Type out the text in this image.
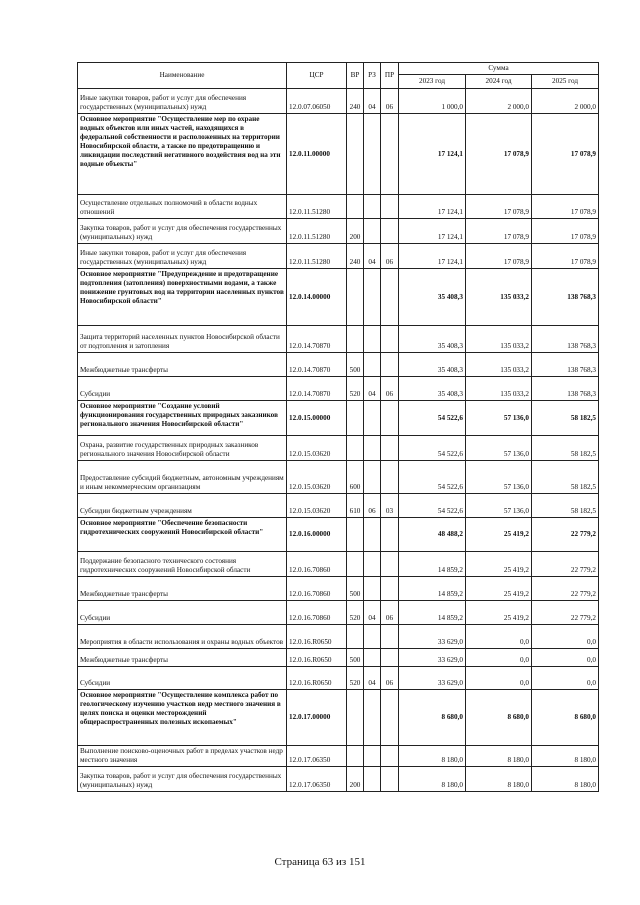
Наименование	ЦСР	ВР	РЗ	ПР	Сумма		
					2023 год	2024 год	2025 год
Иные закупки товаров, работ и услуг для обеспечения государственных (муниципальных) нужд	12.0.07.06050	240	04	06	1 000,0	2 000,0	2 000,0
Основное мероприятие "Осуществление мер по охране водных объектов или иных частей, находящихся в федеральной собственности и расположенных на территории Новосибирской области, а также по предотвращению и ликвидации последствий негативного воздействия вод на эти водные объекты"	12.0.11.00000				17 124,1	17 078,9	17 078,9
Осуществление отдельных полномочий в области водных отношений	12.0.11.51280				17 124,1	17 078,9	17 078,9
Закупка товаров, работ и услуг для обеспечения государственных (муниципальных) нужд	12.0.11.51280	200			17 124,1	17 078,9	17 078,9
Иные закупки товаров, работ и услуг для обеспечения государственных (муниципальных) нужд	12.0.11.51280	240	04	06	17 124,1	17 078,9	17 078,9
Основное мероприятие "Предупреждение и предотвращение подтопления (затопления) поверхностными водами, а также понижение грунтовых вод на территории населенных пунктов Новосибирской области"	12.0.14.00000				35 408,3	135 033,2	138 768,3
Защита территорий населенных пунктов Новосибирской области от подтопления и затопления	12.0.14.70870				35 408,3	135 033,2	138 768,3
Межбюджетные трансферты	12.0.14.70870	500			35 408,3	135 033,2	138 768,3
Субсидии	12.0.14.70870	520	04	06	35 408,3	135 033,2	138 768,3
Основное мероприятие "Создание условий функционирования государственных природных заказников регионального значения Новосибирской области"	12.0.15.00000				54 522,6	57 136,0	58 182,5
Охрана, развитие государственных природных заказников регионального значения Новосибирской области	12.0.15.03620				54 522,6	57 136,0	58 182,5
Предоставление субсидий бюджетным, автономным учреждениям и иным некоммерческим организациям	12.0.15.03620	600			54 522,6	57 136,0	58 182,5
Субсидии бюджетным учреждениям	12.0.15.03620	610	06	03	54 522,6	57 136,0	58 182,5
Основное мероприятие "Обеспечение безопасности гидротехнических сооружений Новосибирской области"	12.0.16.00000				48 488,2	25 419,2	22 779,2
Поддержание безопасного технического состояния гидротехнических сооружений Новосибирской области	12.0.16.70860				14 859,2	25 419,2	22 779,2
Межбюджетные трансферты	12.0.16.70860	500			14 859,2	25 419,2	22 779,2
Субсидии	12.0.16.70860	520	04	06	14 859,2	25 419,2	22 779,2
Мероприятия в области использования и охраны водных объектов	12.0.16.R0650				33 629,0	0,0	0,0
Межбюджетные трансферты	12.0.16.R0650	500			33 629,0	0,0	0,0
Субсидии	12.0.16.R0650	520	04	06	33 629,0	0,0	0,0
Основное мероприятие "Осуществление комплекса работ по геологическому изучению участков недр местного значения в целях поиска и оценки месторождений общераспространенных полезных ископаемых"	12.0.17.00000				8 680,0	8 680,0	8 680,0
Выполнение поисково-оценочных работ в пределах участков недр местного значения	12.0.17.06350				8 180,0	8 180,0	8 180,0
Закупка товаров, работ и услуг для обеспечения государственных (муниципальных) нужд	12.0.17.06350	200			8 180,0	8 180,0	8 180,0
Страница 63 из 151
